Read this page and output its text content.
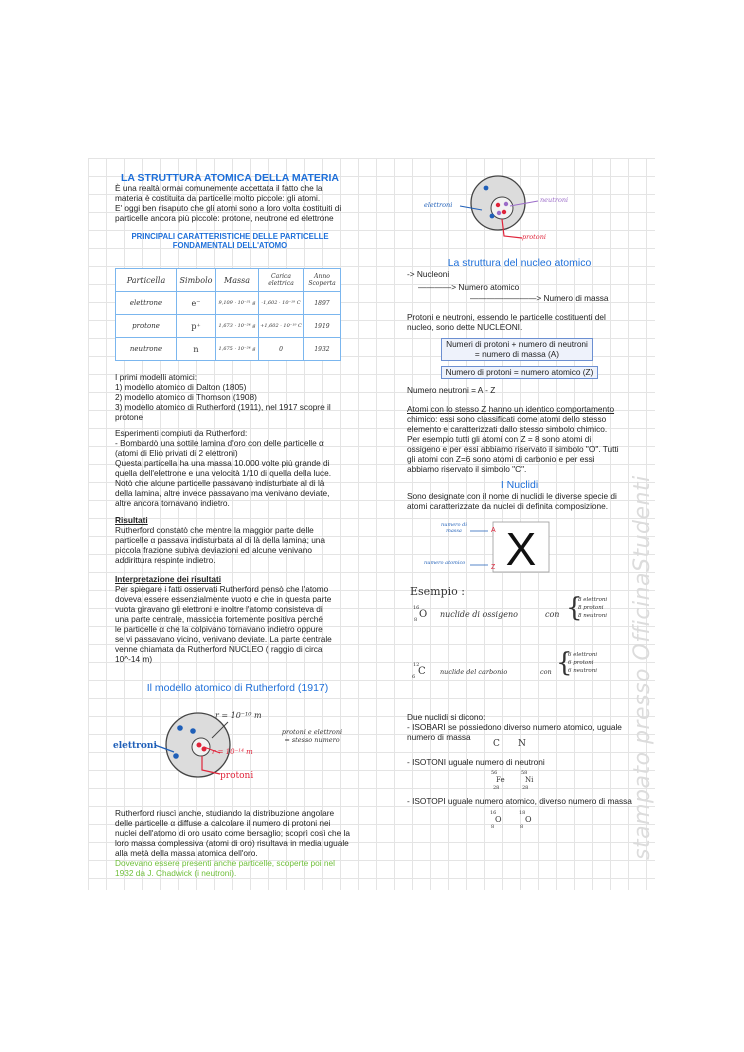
LA STRUTTURA ATOMICA DELLA MATERIA
È una realtà ormai comunemente accettata il fatto che la
materia è costituita da particelle molto piccole: gli atomi.
E' oggi ben risaputo che gli atomi sono a loro volta costituiti di
particelle ancora più piccole: protone, neutrone ed elettrone
PRINCIPALI CARATTERISTICHE DELLE PARTICELLE
FONDAMENTALI DELL'ATOMO
Particella	Simbolo	Massa	Carica elettrica	Anno Scoperta
elettrone	e⁻	9,109 · 10⁻³¹ g	-1,602 · 10⁻¹⁹ C	1897
protone	p⁺	1,673 · 10⁻²⁴ g	+1,602 · 10⁻¹⁹ C	1919
neutrone	n	1,675 · 10⁻²⁴ g	0	1932
I primi modelli atomici:
1) modello atomico di Dalton (1805)
2) modello atomico di Thomson (1908)
3) modello atomico di Rutherford (1911), nel 1917 scopre il
protone
Esperimenti compiuti da Rutherford:
- Bombardò una sottile lamina d'oro con delle particelle α
(atomi di Elio privati di 2 elettroni)
Questa particella ha una massa 10.000 volte più grande di
quella dell'elettrone e una velocità 1/10 di quella della luce.
Notò che alcune particelle passavano indisturbate al di là
della lamina, altre invece passavano ma venivano deviate,
altre ancora tornavano indietro.
Risultati
Rutherford constatò che mentre la maggior parte delle
particelle α passava indisturbata al di là della lamina; una
piccola frazione subiva deviazioni ed alcune venivano
addirittura respinte indietro.
Interpretazione dei risultati
Per spiegare i fatti osservati Rutherford pensò che l'atomo
doveva essere essenzialmente vuoto e che in questa parte
vuota giravano gli elettroni e inoltre l'atomo consisteva di
una parte centrale, massiccia fortemente positiva perché
le particelle α che la colpivano tornavano indietro oppure
se vi passavano vicino, venivano deviate. La parte centrale
venne chiamata da Rutherford NUCLEO ( raggio di circa
10^-14 m)
Il modello atomico di Rutherford (1917)
elettroni
r = 10⁻¹⁰ m
r = 10⁻¹⁴ m
protoni
protoni e elettroni
= stesso numero
Rutherford riuscì anche, studiando la distribuzione angolare
delle particelle α diffuse a calcolare il numero di protoni nei
nuclei dell'atomo di oro usato come bersaglio; scoprì così che la
loro massa complessiva (atomi di oro) risultava in media uguale
alla metà della massa atomica dell'oro.
Dovevano essere presenti anche particelle, scoperte poi nel
1932 da J. Chadwick (i neutroni).
elettroni
neutroni
protoni
La struttura del nucleo atomico
-> Nucleoni
————> Numero atomico
————————> Numero di massa
Protoni e neutroni, essendo le particelle costituenti del
nucleo, sono dette NUCLEONI.
Numeri di protoni + numero di neutroni
= numero di massa (A)
Numero di protoni = numero atomico (Z)
Numero neutroni = A - Z
Atomi con lo stesso Z hanno un identico comportamento
chimico: essi sono classificati come atomi dello stesso
elemento e caratterizzati dallo stesso simbolo chimico.
Per esempio tutti gli atomi con Z = 8 sono atomi di
ossigeno e per essi abbiamo riservato il simbolo "O". Tutti
gli atomi con Z=6 sono atomi di carbonio e per essi
abbiamo riservato il simbolo "C".
I Nuclidi
Sono designate con il nome di nuclidi le diverse specie di
atomi caratterizzate da nuclei di definita composizione.
X
A
Z
numero di massa
numero atomico
Esempio :
16
O
8
nuclide di ossigeno	con {
8 elettroni
8 protoni
8 neutroni
12
C
6
nuclide del carbonio	con {
6 elettroni
6 protoni
6 neutroni
Due nuclidi si dicono:
- ISOBARI se possiedono diverso numero atomico, uguale
numero di massa
C N
- ISOTONI uguale numero di neutroni
56
Fe
28
58
Ni
28
- ISOTOPI uguale numero atomico, diverso numero di massa
16
O
8
18
O
8	stampato presso OfficinaStudenti
